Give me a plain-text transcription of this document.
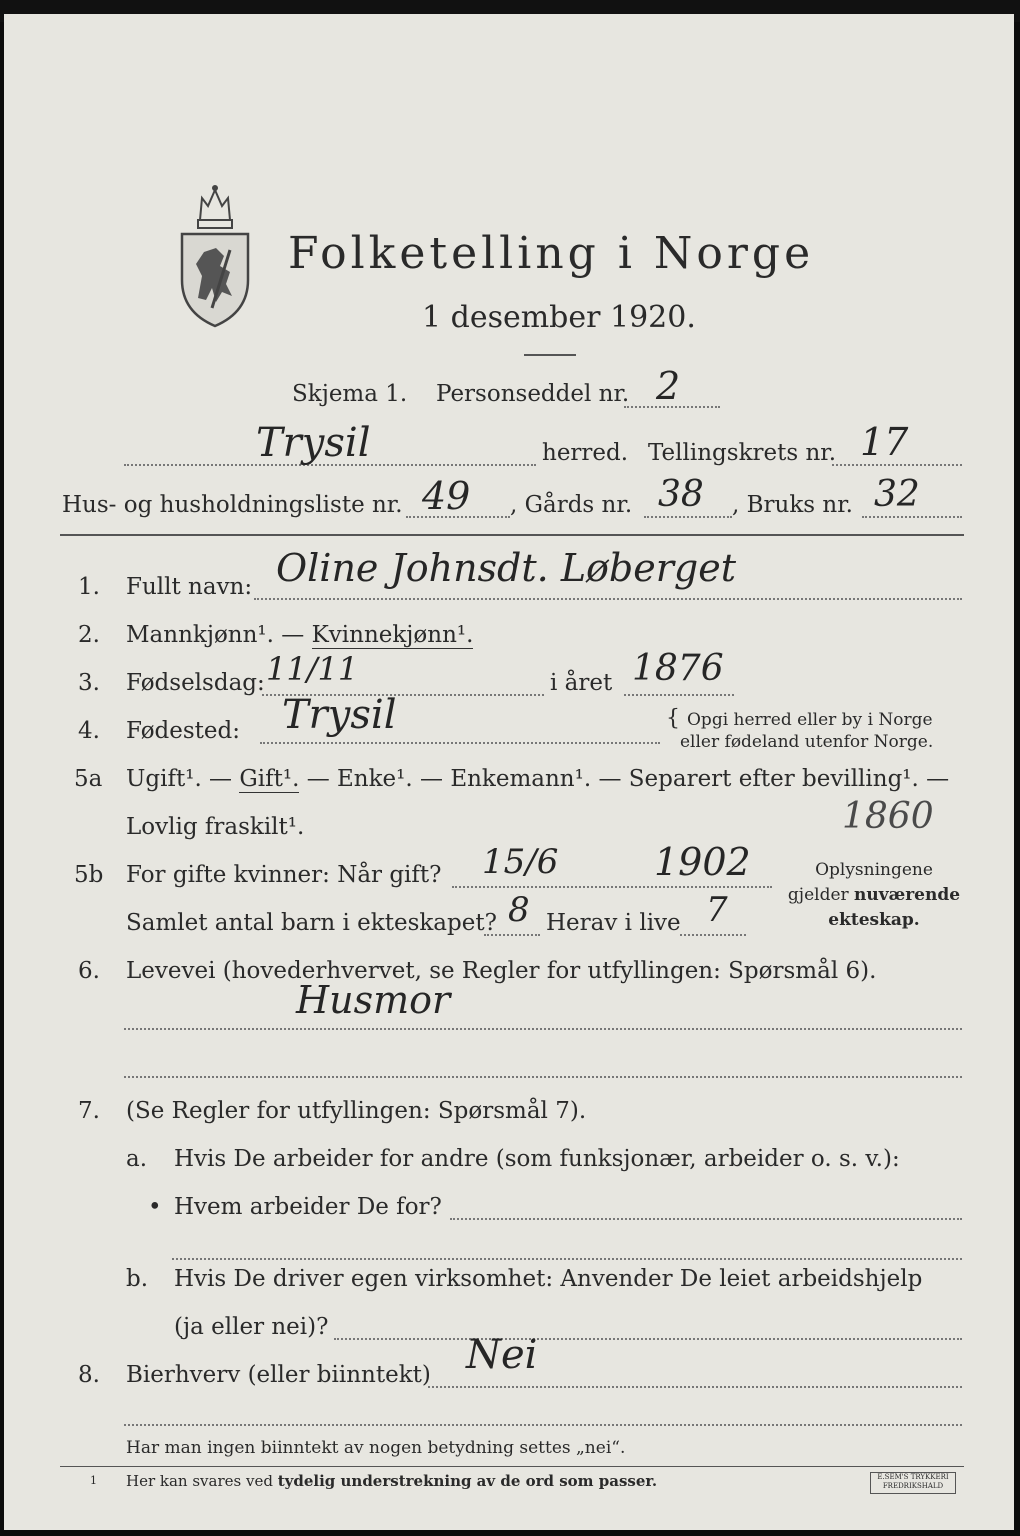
Folketelling i Norge
1 desember 1920.
Skjema 1. Personseddel nr. 2
Trysil	herred. Tellingskrets nr. 17
Hus- og husholdningsliste nr. 49 , Gårds nr. 38 , Bruks nr. 32
1. Fullt navn: Oline Johnsdt. Løberget
2. Mannkjønn¹. — Kvinnekjønn¹.
3. Fødselsdag: 11/11	i året 1876
4. Fødested: Trysil	{ Opgi herred eller by i Norge
eller fødeland utenfor Norge.
5a Ugift¹. — Gift¹. — Enke¹. — Enkemann¹. — Separert efter bevilling¹. —
Lovlig fraskilt¹.	1860
5b For gifte kvinner: Når gift? 15/6	1902
Samlet antal barn i ekteskapet? 8 Herav i live 7
Oplysningene
gjelder nuværende
ekteskap.
6. Levevei (hovederhvervet, se Regler for utfyllingen: Spørsmål 6).
Husmor
7. (Se Regler for utfyllingen: Spørsmål 7).
a. Hvis De arbeider for andre (som funksjonær, arbeider o. s. v.):
• Hvem arbeider De for?
b. Hvis De driver egen virksomhet: Anvender De leiet arbeidshjelp
(ja eller nei)?
8. Bierhverv (eller biinntekt) Nei
Har man ingen biinntekt av nogen betydning settes „nei“.
1 Her kan svares ved tydelig understrekning av de ord som passer.	E.SEM'S TRYKKERI
FREDRIKSHALD
